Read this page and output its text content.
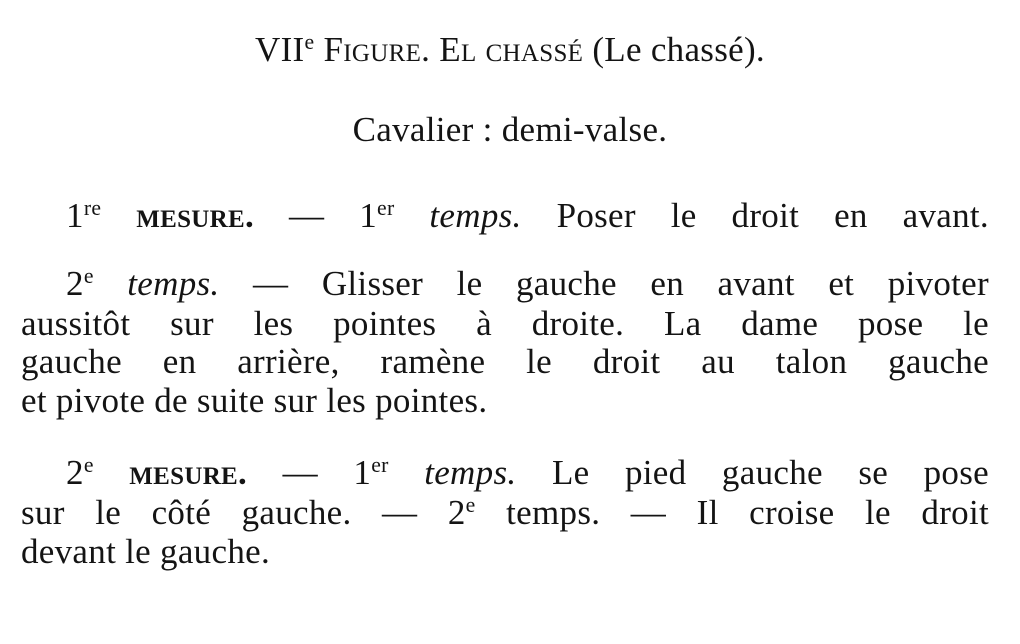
VIIe Figure. El chassé (Le chassé).

Cavalier : demi-valse.

1re mesure. — 1er temps. Poser le droit en avant.

2e temps. — Glisser le gauche en avant et pivoter

aussitôt sur les pointes à droite. La dame pose le

gauche en arrière, ramène le droit au talon gauche

et pivote de suite sur les pointes.

2e mesure. — 1er temps. Le pied gauche se pose

sur le côté gauche. — 2e temps. — Il croise le droit

devant le gauche.
